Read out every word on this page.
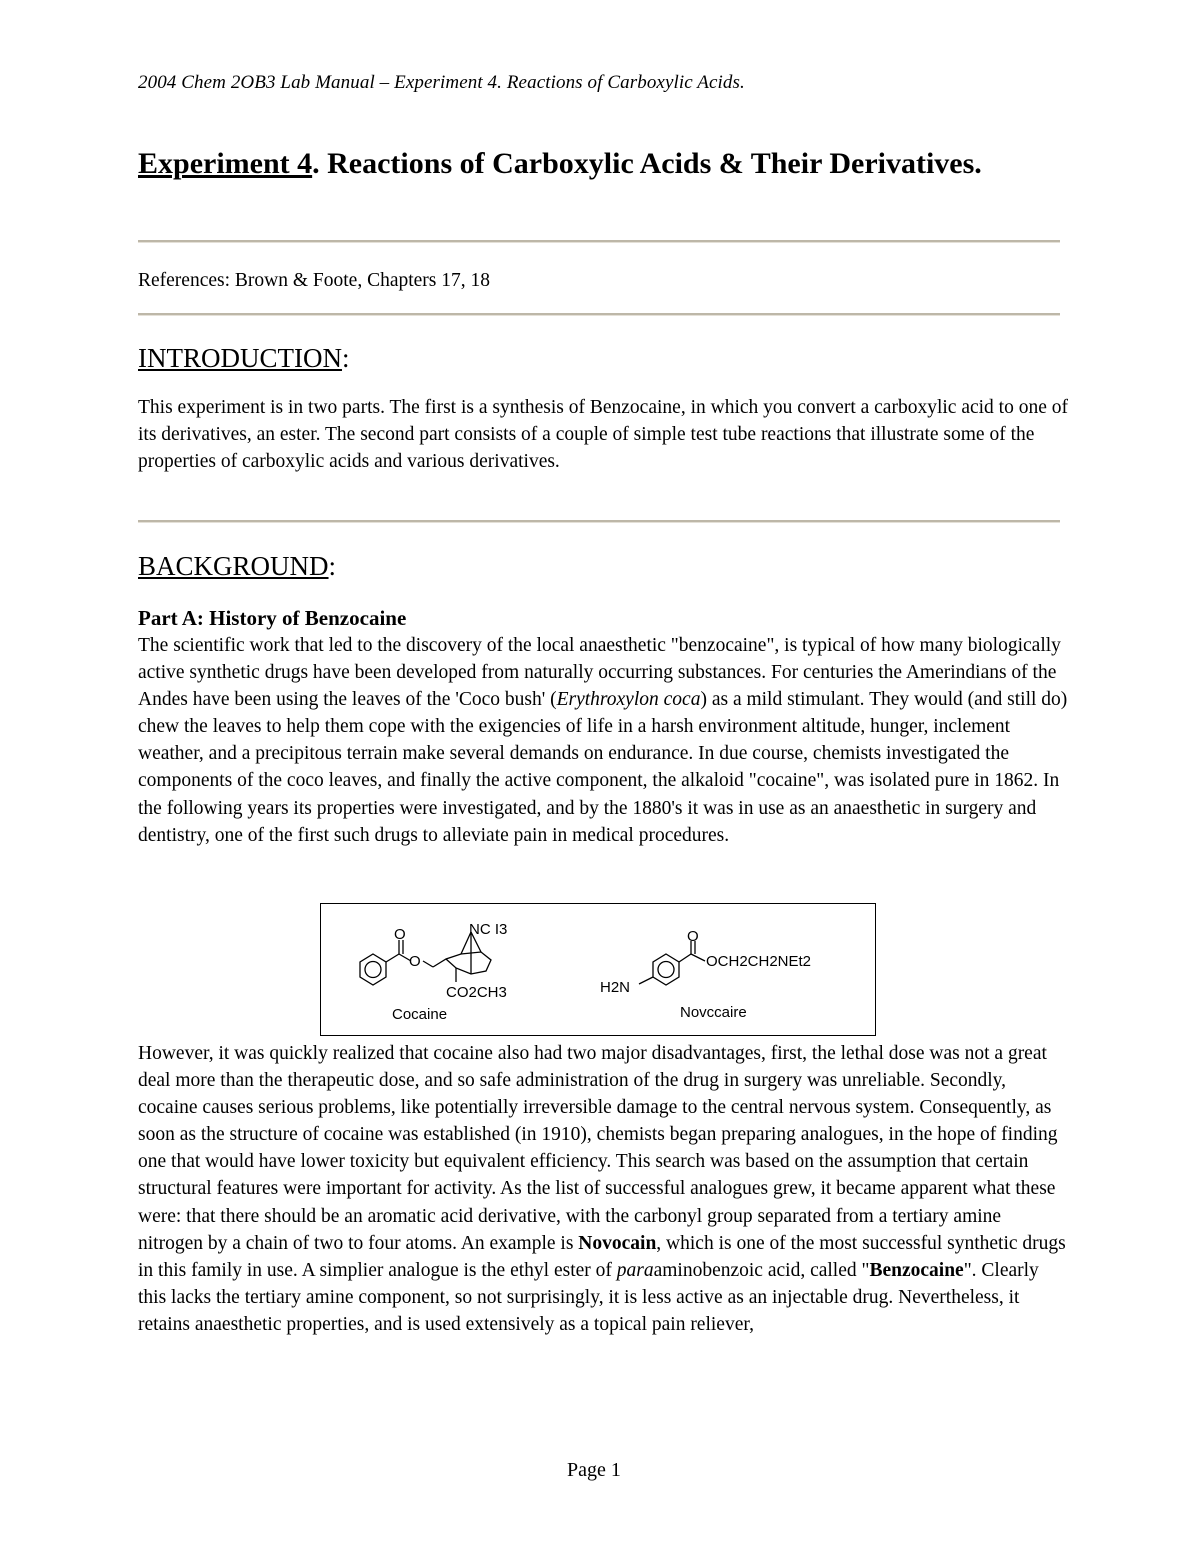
2004 Chem 2OB3 Lab Manual – Experiment 4. Reactions of Carboxylic Acids.
Experiment 4. Reactions of Carboxylic Acids & Their Derivatives.
References: Brown & Foote, Chapters 17, 18
INTRODUCTION:

This experiment is in two parts. The first is a synthesis of Benzocaine, in which you convert a carboxylic acid to one of its derivatives, an ester. The second part consists of a couple of simple test tube reactions that illustrate some of the properties of carboxylic acids and various derivatives.

BACKGROUND:
Part A: History of Benzocaine

The scientific work that led to the discovery of the local anaesthetic "benzocaine", is typical of how many biologically active synthetic drugs have been developed from naturally occurring substances. For centuries the Amerindians of the Andes have been using the leaves of the 'Coco bush' (Erythroxylon coca) as a mild stimulant. They would (and still do) chew the leaves to help them cope with the exigencies of life in a harsh environment altitude, hunger, inclement weather, and a precipitous terrain make several demands on endurance. In due course, chemists investigated the components of the coco leaves, and finally the active component, the alkaloid "cocaine", was isolated pure in 1862. In the following years its properties were investigated, and by the 1880's it was in use as an anaesthetic in surgery and dentistry, one of the first such drugs to alleviate pain in medical procedures.

However, it was quickly realized that cocaine also had two major disadvantages, first, the lethal dose was not a great deal more than the therapeutic dose, and so safe administration of the drug in surgery was unreliable. Secondly, cocaine causes serious problems, like potentially irreversible damage to the central nervous system. Consequently, as soon as the structure of cocaine was established (in 1910), chemists began preparing analogues, in the hope of finding one that would have lower toxicity but equivalent efficiency. This search was based on the assumption that certain structural features were important for activity. As the list of successful analogues grew, it became apparent what these were: that there should be an aromatic acid derivative, with the carbonyl group separated from a tertiary amine nitrogen by a chain of two to four atoms. An example is Novocain, which is one of the most successful synthetic drugs in this family in use. A simplier analogue is the ethyl ester of paraaminobenzoic acid, called "Benzocaine". Clearly this lacks the tertiary amine component, so not surprisingly, it is less active as an injectable drug. Nevertheless, it retains anaesthetic properties, and is used extensively as a topical pain reliever,

O
O
NC I3
CO2CH3
Cocaine
O
OCH2CH2NEt2
H2N
Novccaire
Page 1
